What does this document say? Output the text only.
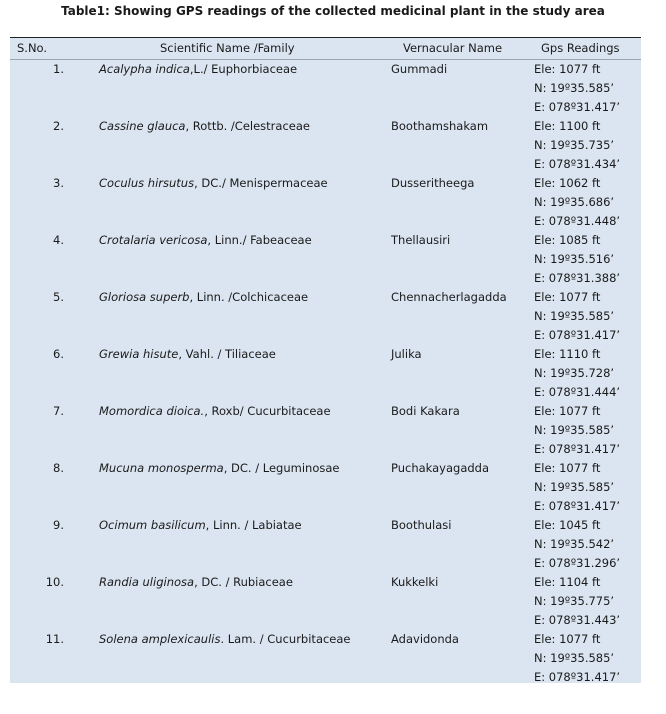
Table1: Showing GPS readings of the collected medicinal plant in the study area
S.No.	Scientific Name /Family	Vernacular Name	Gps Readings
1.	Acalypha indica,L./ Euphorbiaceae	Gummadi	Ele: 1077 ft
N: 19º35.585’
E: 078º31.417’
2.	Cassine glauca, Rottb. /Celestraceae	Boothamshakam	Ele: 1100 ft
N: 19º35.735’
E: 078º31.434’
3.	Coculus hirsutus, DC./ Menispermaceae	Dusseritheega	Ele: 1062 ft
N: 19º35.686’
E: 078º31.448’
4.	Crotalaria vericosa, Linn./ Fabeaceae	Thellausiri	Ele: 1085 ft
N: 19º35.516’
E: 078º31.388’
5.	Gloriosa superb, Linn. /Colchicaceae	Chennacherlagadda Ele: 1077 ft
N: 19º35.585’
E: 078º31.417’
6.	Grewia hisute, Vahl. / Tiliaceae	Julika	Ele: 1110 ft
N: 19º35.728’
E: 078º31.444’
7.	Momordica dioica., Roxb/ Cucurbitaceae	Bodi Kakara	Ele: 1077 ft
N: 19º35.585’
E: 078º31.417’
8.	Mucuna monosperma, DC. / Leguminosae	Puchakayagadda	Ele: 1077 ft
N: 19º35.585’
E: 078º31.417’
9.	Ocimum basilicum, Linn. / Labiatae	Boothulasi	Ele: 1045 ft
N: 19º35.542’
E: 078º31.296’
10.	Randia uliginosa, DC. / Rubiaceae	Kukkelki	Ele: 1104 ft
N: 19º35.775’
E: 078º31.443’
11.	Solena amplexicaulis. Lam. / Cucurbitaceae	Adavidonda	Ele: 1077 ft
N: 19º35.585’
E: 078º31.417’
